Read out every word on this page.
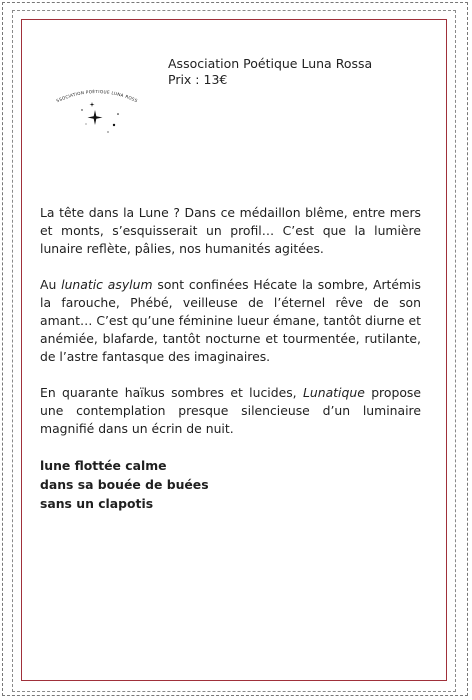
Association Poétique Luna Rossa
Prix : 13€
SSOCIATION POÉTIQUE LUNA ROSS

La tête dans la Lune ? Dans ce médaillon blême, entre mers et monts, s’esquisserait un profil… C’est que la lumière lunaire reflète, pâlies, nos humanités agitées.

Au lunatic asylum sont confinées Hécate la sombre, Artémis la farouche, Phébé, veilleuse de l’éternel rêve de son amant… C’est qu’une féminine lueur émane, tantôt diurne et anémiée, blafarde, tantôt nocturne et tourmentée, rutilante, de l’astre fantasque des imaginaires.

En quarante haïkus sombres et lucides, Lunatique propose une contemplation presque silencieuse d’un luminaire magnifié dans un écrin de nuit.

lune flottée calme
dans sa bouée de buées
sans un clapotis
